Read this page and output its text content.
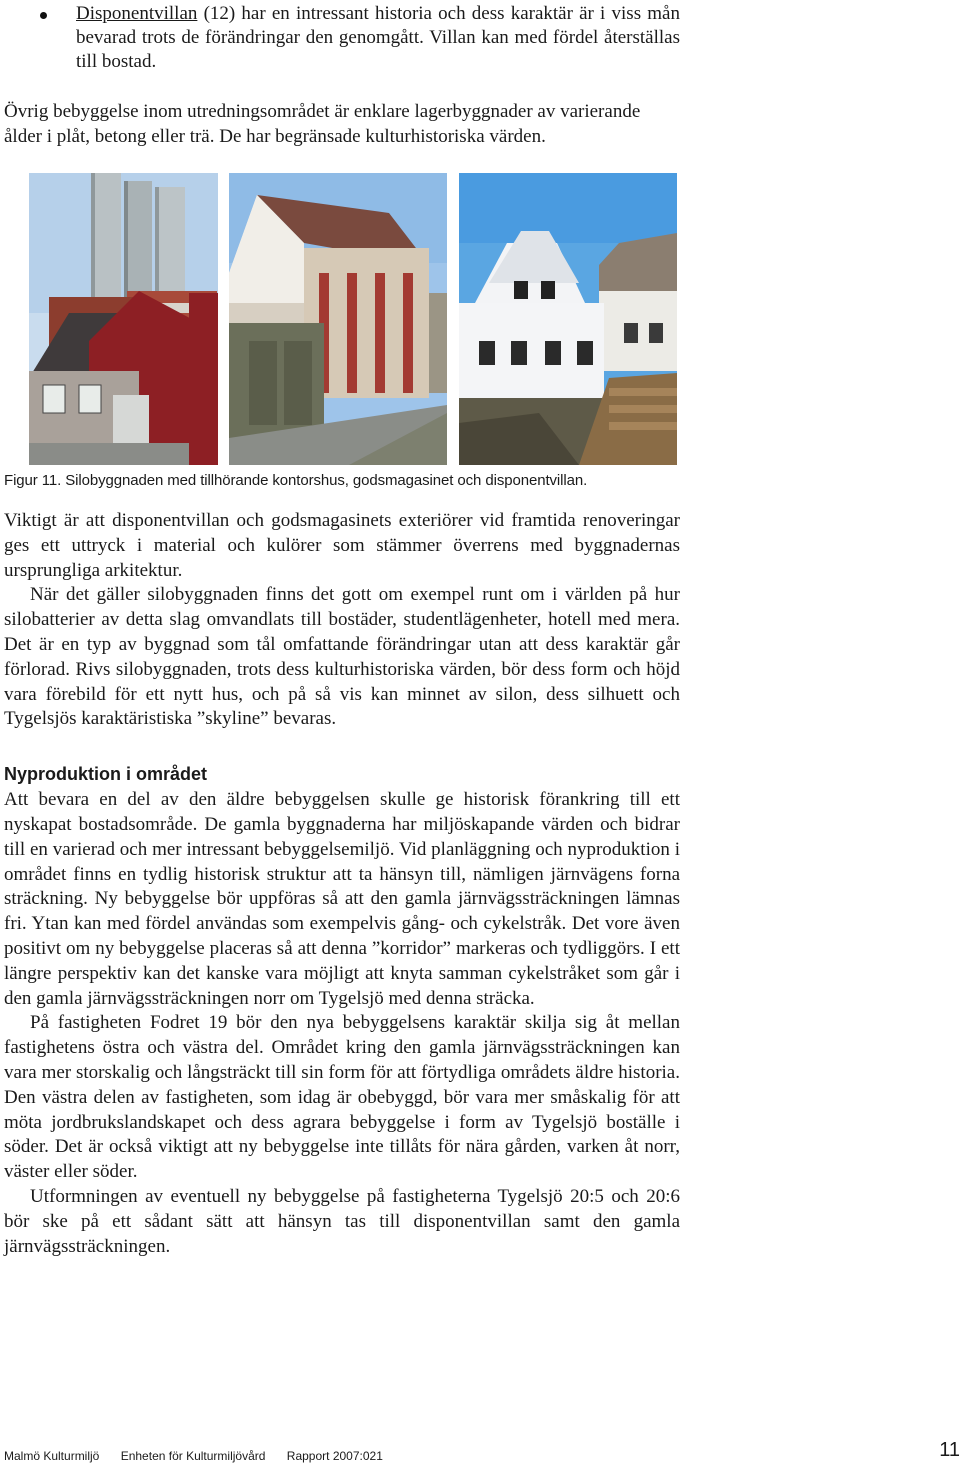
Disponentvillan (12) har en intressant historia och dess karaktär är i viss mån bevarad trots de förändringar den genomgått. Villan kan med fördel återställas till bostad.
Övrig bebyggelse inom utredningsområdet är enklare lagerbyggnader av varierande ålder i plåt, betong eller trä. De har begränsade kulturhistoriska värden.
Figur 11. Silobyggnaden med tillhörande kontorshus, godsmagasinet och disponentvillan.

Viktigt är att disponentvillan och godsmagasinets exteriörer vid framtida renoveringar ges ett uttryck i material och kulörer som stämmer överrens med byggnadernas ursprungliga arkitektur.

När det gäller silobyggnaden finns det gott om exempel runt om i världen på hur silobatterier av detta slag omvandlats till bostäder, studentlägenheter, hotell med mera. Det är en typ av byggnad som tål omfattande förändringar utan att dess karaktär går förlorad. Rivs silobyggnaden, trots dess kulturhistoriska värden, bör dess form och höjd vara förebild för ett nytt hus, och på så vis kan minnet av silon, dess silhuett och Tygelsjös karaktäristiska ”skyline” bevaras.

Nyproduktion i området

Att bevara en del av den äldre bebyggelsen skulle ge historisk förankring till ett nyskapat bostadsområde. De gamla byggnaderna har miljöskapande värden och bidrar till en varierad och mer intressant bebyggelsemiljö. Vid planläggning och nyproduktion i området finns en tydlig historisk struktur att ta hänsyn till, nämligen järnvägens forna sträckning. Ny bebyggelse bör uppföras så att den gamla järnvägssträckningen lämnas fri. Ytan kan med fördel användas som exempelvis gång- och cykelstråk. Det vore även positivt om ny bebyggelse placeras så att denna ”korridor” markeras och tydliggörs. I ett längre perspektiv kan det kanske vara möjligt att knyta samman cykelstråket som går i den gamla järnvägssträckningen norr om Tygelsjö med denna sträcka.

På fastigheten Fodret 19 bör den nya bebyggelsens karaktär skilja sig åt mellan fastighetens östra och västra del. Området kring den gamla järnvägssträckningen kan vara mer storskalig och långsträckt till sin form för att förtydliga områdets äldre historia. Den västra delen av fastigheten, som idag är obebyggd, bör vara mer småskalig för att möta jordbrukslandskapet och dess agrara bebyggelse i form av Tygelsjö boställe i söder. Det är också viktigt att ny bebyggelse inte tillåts för nära gården, varken åt norr, väster eller söder.

Utformningen av eventuell ny bebyggelse på fastigheterna Tygelsjö 20:5 och 20:6 bör ske på ett sådant sätt att hänsyn tas till disponentvillan samt den gamla järnvägssträckningen.

Malmö Kulturmiljö Enheten för Kulturmiljövård Rapport 2007:021	11
